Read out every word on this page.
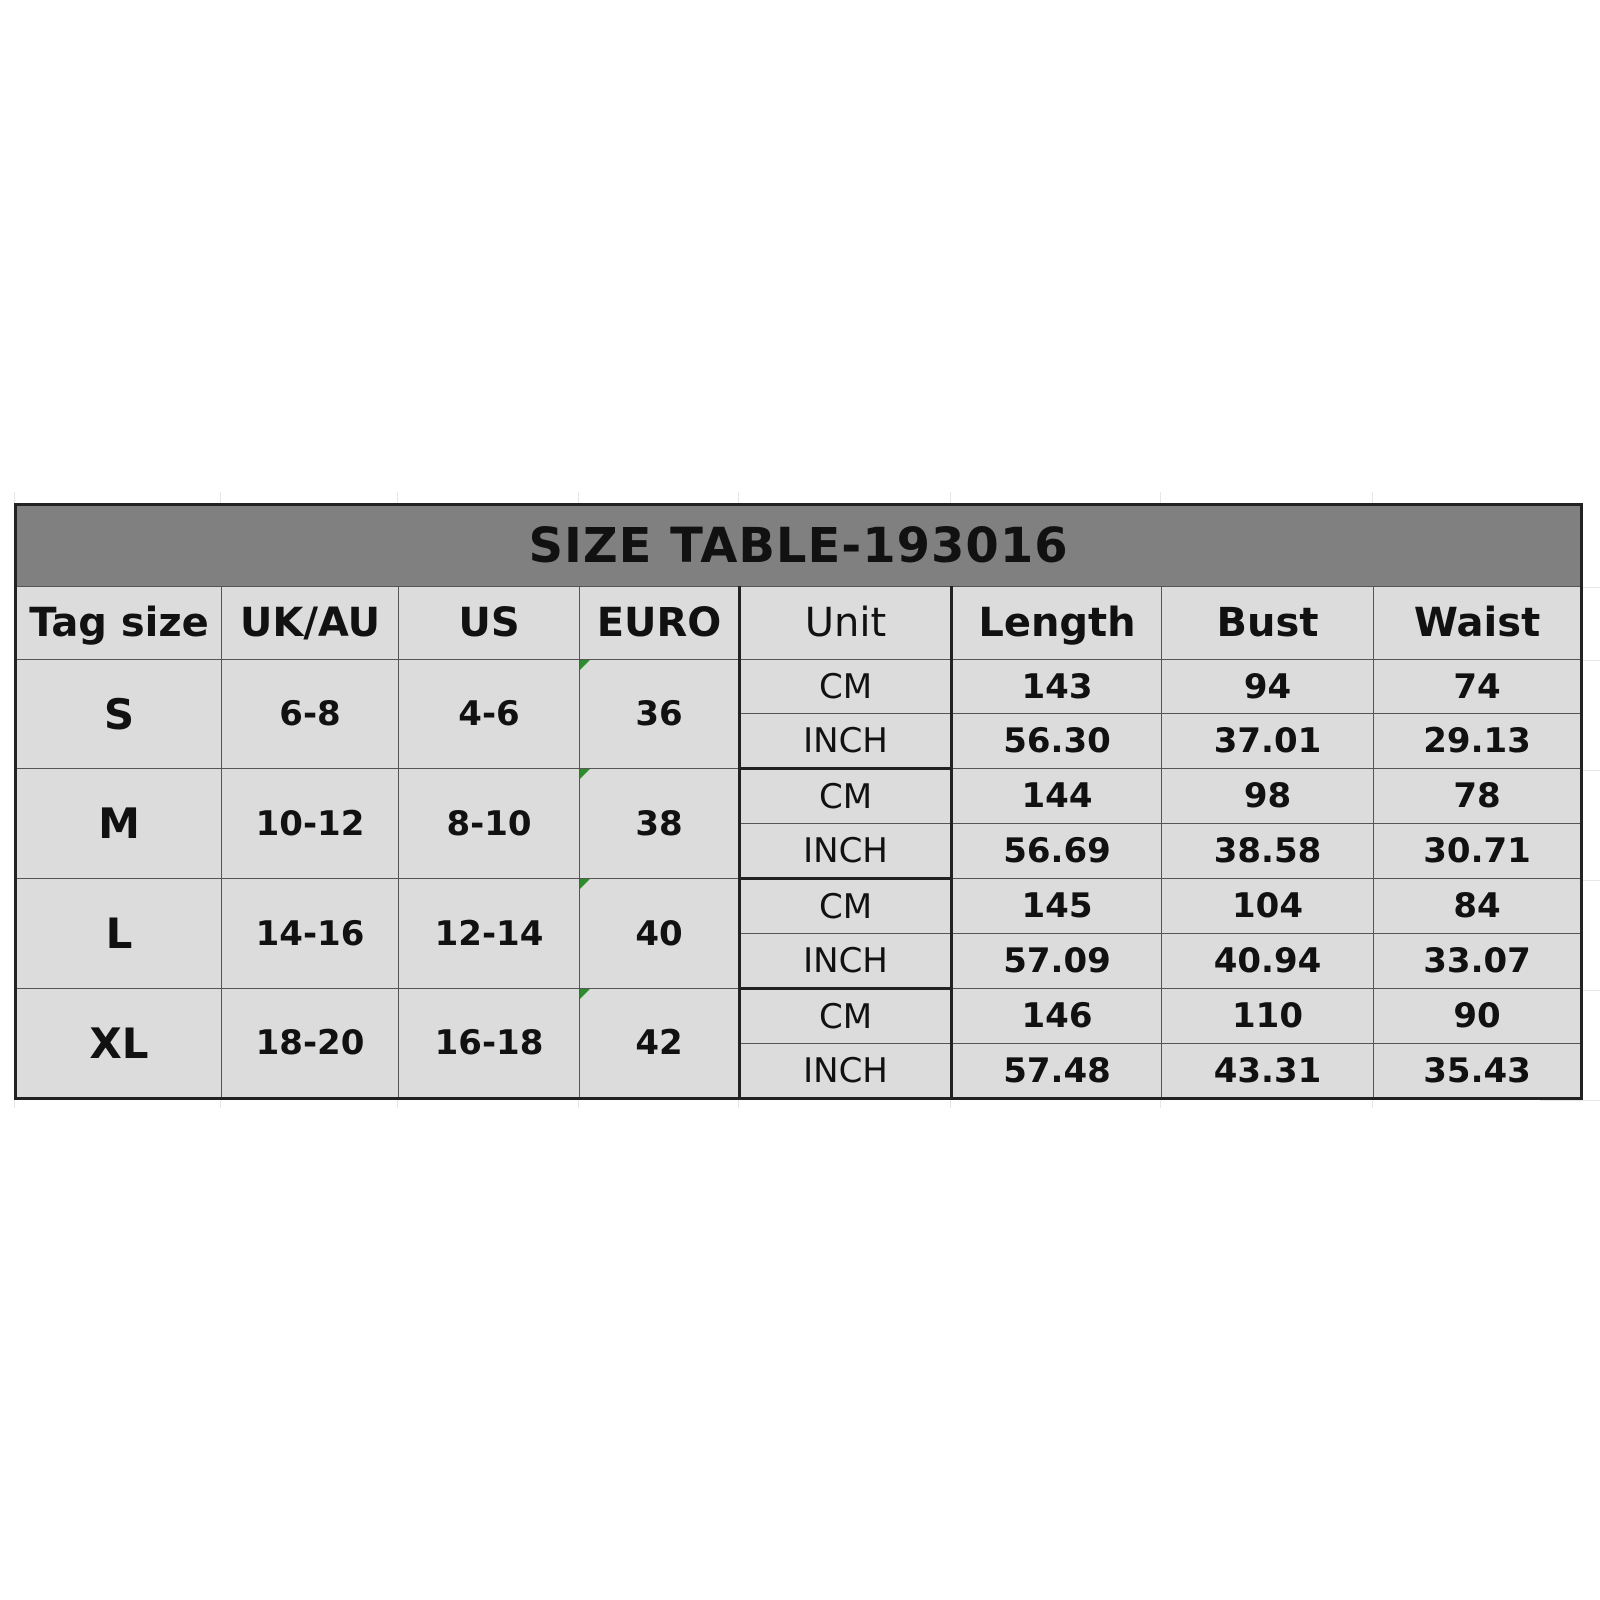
SIZE TABLE-193016							
Tag size	UK/AU	US	EURO	Unit	Length	Bust	Waist
S	6-8	4-6	36	CM	143	94	74
				INCH	56.30	37.01	29.13
M	10-12	8-10	38	CM	144	98	78
				INCH	56.69	38.58	30.71
L	14-16	12-14	40	CM	145	104	84
				INCH	57.09	40.94	33.07
XL	18-20	16-18	42	CM	146	110	90
				INCH	57.48	43.31	35.43
